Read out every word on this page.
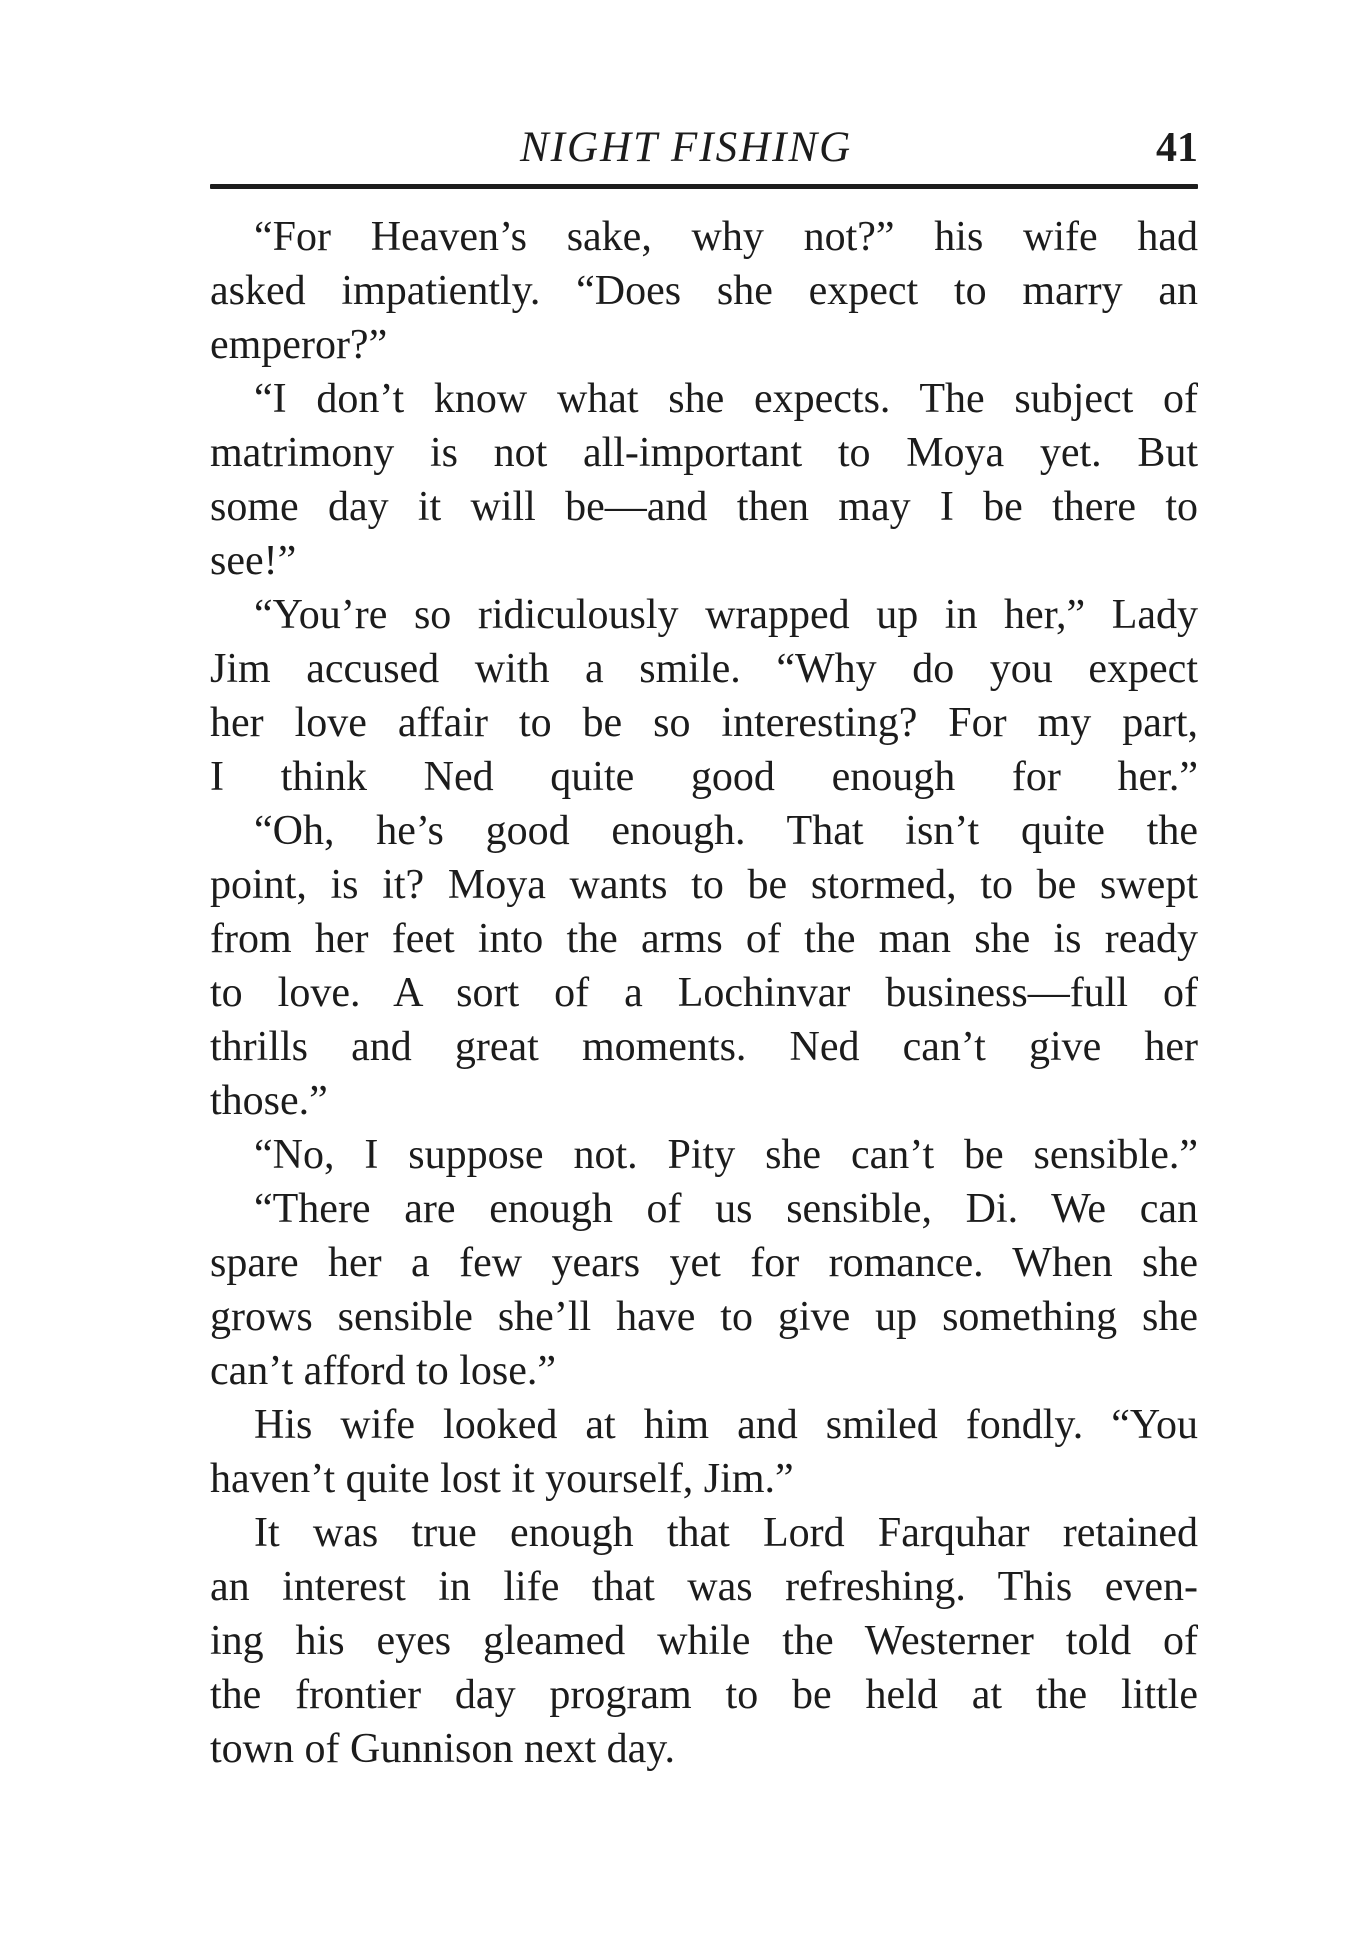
NIGHT FISHING	41
“For Heaven’s sake, why not?” his wife had
asked impatiently. “Does she expect to marry an
emperor?”
“I don’t know what she expects. The subject of
matrimony is not all-important to Moya yet. But
some day it will be—and then may I be there to
see!”
“You’re so ridiculously wrapped up in her,” Lady
Jim accused with a smile. “Why do you expect
her love affair to be so interesting? For my part,
I think Ned quite good enough for her.”
“Oh, he’s good enough. That isn’t quite the
point, is it? Moya wants to be stormed, to be swept
from her feet into the arms of the man she is ready
to love. A sort of a Lochinvar business—full of
thrills and great moments. Ned can’t give her
those.”
“No, I suppose not. Pity she can’t be sensible.”
“There are enough of us sensible, Di. We can
spare her a few years yet for romance. When she
grows sensible she’ll have to give up something she
can’t afford to lose.”
His wife looked at him and smiled fondly. “You
haven’t quite lost it yourself, Jim.”
It was true enough that Lord Farquhar retained
an interest in life that was refreshing. This even-
ing his eyes gleamed while the Westerner told of
the frontier day program to be held at the little
town of Gunnison next day.
